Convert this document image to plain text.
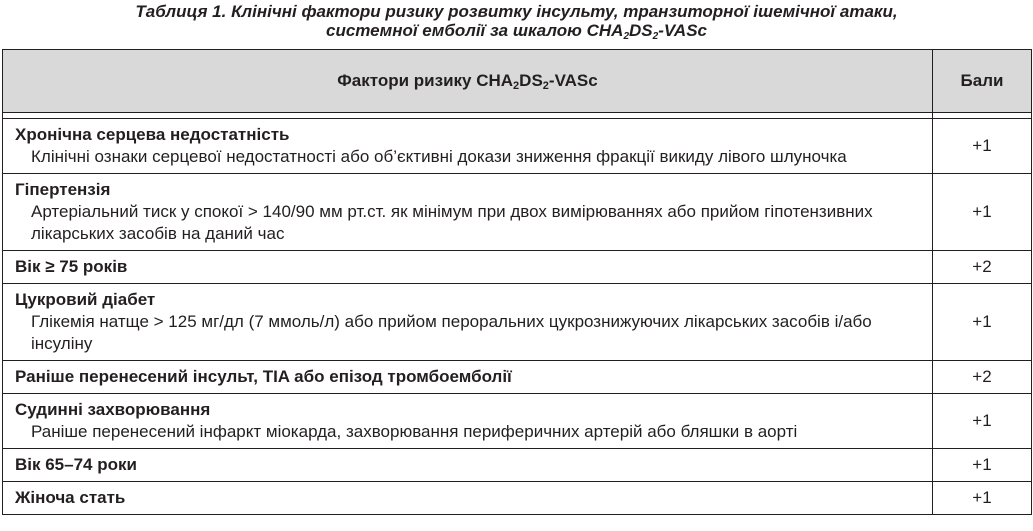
Таблиця 1. Клінічні фактори ризику розвитку інсульту, транзиторної ішемічної атаки,
системної емболії за шкалою $CHA_2DS_2$-VASc
Фактори ризику $CHA_2DS_2$-VASc	Бали

Хронічна серцева недостатність
Клінічні ознаки серцевої недостатності або об’єктивні докази зниження фракції викиду лівого шлуночка	+1

Гіпертензія
Артеріальний тиск у спокої > 140/90 мм рт.ст. як мінімум при двох вимірюваннях або прийом гіпотензивних лікарських засобів на даний час	+1

Вік ≥ 75 років	+2

Цукровий діабет
Глікемія натще > 125 мг/дл (7 ммоль/л) або прийом пероральних цукрознижуючих лікарських засобів і/або інсуліну	+1

Раніше перенесений інсульт, TIA або епізод тромбоемболії	+2

Судинні захворювання
Раніше перенесений інфаркт міокарда, захворювання периферичних артерій або бляшки в аорті	+1

Вік 65–74 роки	+1

Жіноча стать	+1
